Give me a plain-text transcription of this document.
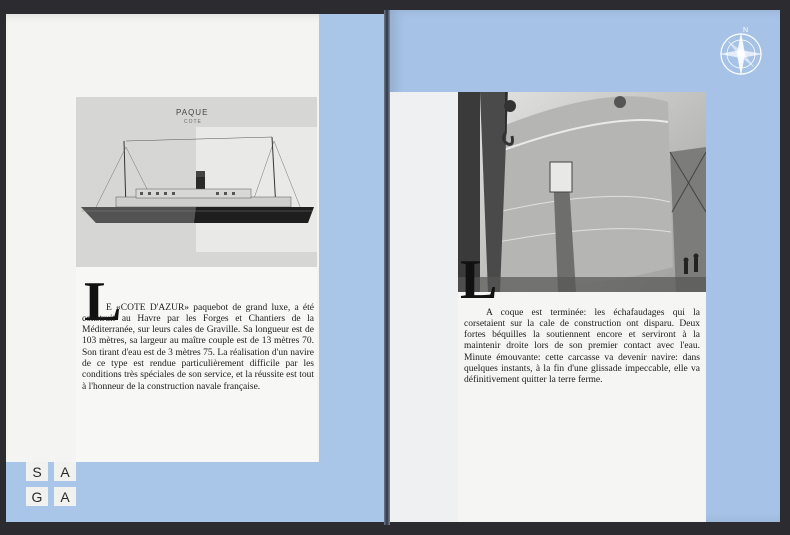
PAQUE
COTE
L

E «COTE D'AZUR» paquebot de grand luxe, a été construit au Havre par les Forges et Chantiers de la Méditerranée, sur leurs cales de Graville. Sa longueur est de 103 mètres, sa largeur au maître couple est de 13 mètres 70. Son tirant d'eau est de 3 mètres 75. La réalisation d'un navire de ce type est rendue particulièrement difficile par les conditions très spéciales de son service, et la réussite est tout à l'honneur de la construction navale française.

S	A
G	A
N
L

A coque est terminée: les échafaudages qui la corsetaient sur la cale de construction ont disparu. Deux fortes béquilles la soutiennent encore et serviront à la maintenir droite lors de son premier contact avec l'eau. Minute émouvante: cette carcasse va devenir navire: dans quelques instants, à la fin d'une glissade impeccable, elle va définitivement quitter la terre ferme.
